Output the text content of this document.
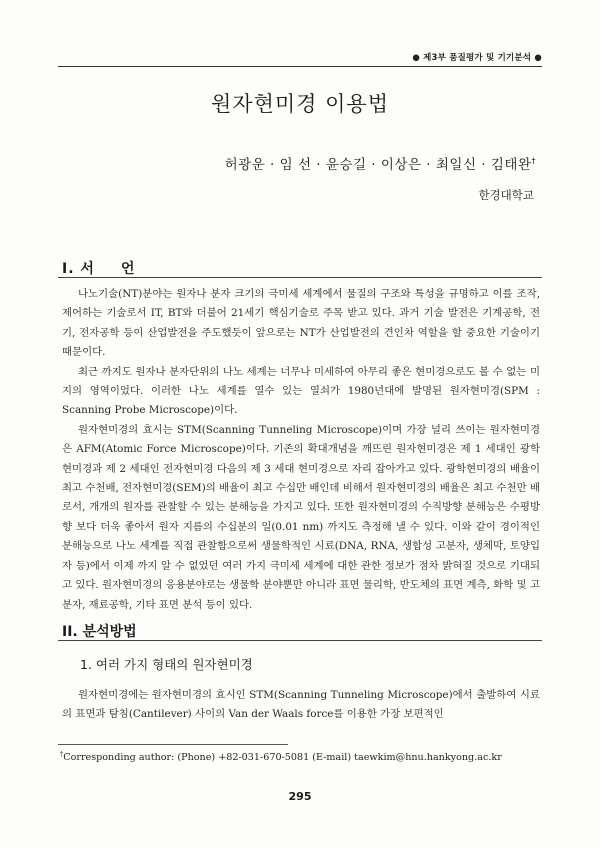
● 제3부 품질평가 및 기기분석 ●
원자현미경 이용법
허광운 · 임 선 · 윤승길 · 이상은 · 최일신 · 김태완†
한경대학교
I. 서 언

나노기술(NT)분야는 원자나 분자 크기의 극미세 세계에서 물질의 구조와 특성을 규명하고 이를 조작, 제어하는 기술로서 IT, BT와 더불어 21세기 핵심기술로 주목 받고 있다. 과거 기술 발전은 기계공학, 전기, 전자공학 등이 산업발전을 주도했듯이 앞으로는 NT가 산업발전의 견인차 역할을 할 중요한 기술이기 때문이다.

최근 까지도 원자나 분자단위의 나노 세계는 너무나 미세하여 아무리 좋은 현미경으로도 볼 수 없는 미지의 영역이었다. 이러한 나노 세계를 열수 있는 열쇠가 1980년대에 발명된 원자현미경(SPM : Scanning Probe Microscope)이다.

원자현미경의 효시는 STM(Scanning Tunneling Microscope)이며 가장 널리 쓰이는 원자현미경은 AFM(Atomic Force Microscope)이다. 기존의 확대개념을 깨뜨린 원자현미경은 제 1 세대인 광학현미경과 제 2 세대인 전자현미경 다음의 제 3 세대 현미경으로 자리 잡아가고 있다. 광학현미경의 배율이 최고 수천배, 전자현미경(SEM)의 배율이 최고 수십만 배인데 비해서 원자현미경의 배율은 최고 수천만 배로서, 개개의 원자를 관찰할 수 있는 분해능을 가지고 있다. 또한 원자현미경의 수직방향 분해능은 수평방향 보다 더욱 좋아서 원자 지름의 수십분의 일(0.01 nm) 까지도 측정해 낼 수 있다. 이와 같이 경이적인 분해능으로 나노 세계를 직접 관찰함으로써 생물학적인 시료(DNA, RNA, 생합성 고분자, 생체막, 토양입자 등)에서 이제 까지 알 수 없었던 여러 가지 극미세 세계에 대한 관한 정보가 점차 밝혀질 것으로 기대되고 있다. 원자현미경의 응용분야로는 생물학 분야뿐만 아니라 표면 물리학, 반도체의 표면 계측, 화학 및 고분자, 재료공학, 기타 표면 분석 등이 있다.

II. 분석방법
1. 여러 가지 형태의 원자현미경

원자현미경에는 원자현미경의 효시인 STM(Scanning Tunneling Microscope)에서 출발하여 시료의 표면과 탐침(Cantilever) 사이의 Van der Waals force를 이용한 가장 보편적인

†Corresponding author: (Phone) +82-031-670-5081 (E-mail) taewkim@hnu.hankyong.ac.kr
295
